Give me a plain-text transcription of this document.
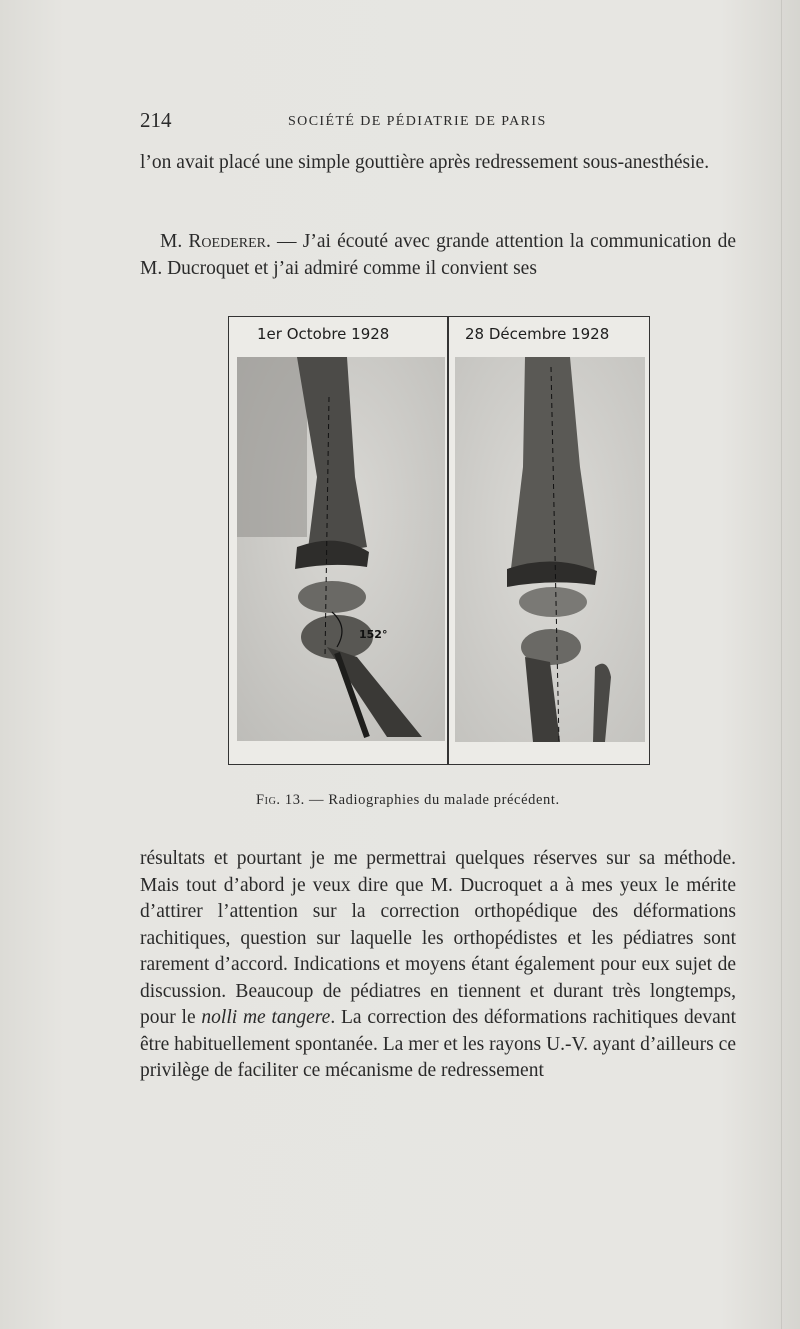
214	SOCIÉTÉ DE PÉDIATRIE DE PARIS

l’on avait placé une simple gouttière après redressement sous-anesthésie.

M. Roederer. — J’ai écouté avec grande attention la communication de M. Ducroquet et j’ai admiré comme il convient ses

1er Octobre 1928	28 Décembre 1928
152°
Fig. 13. — Radiographies du malade précédent.

résultats et pourtant je me permettrai quelques réserves sur sa méthode. Mais tout d’abord je veux dire que M. Ducroquet a à mes yeux le mérite d’attirer l’attention sur la correction orthopédique des déformations rachitiques, question sur laquelle les orthopédistes et les pédiatres sont rarement d’accord. Indications et moyens étant également pour eux sujet de discussion. Beaucoup de pédiatres en tiennent et durant très longtemps, pour le nolli me tangere. La correction des déformations rachitiques devant être habituellement spontanée. La mer et les rayons U.-V. ayant d’ailleurs ce privilège de faciliter ce mécanisme de redressement
